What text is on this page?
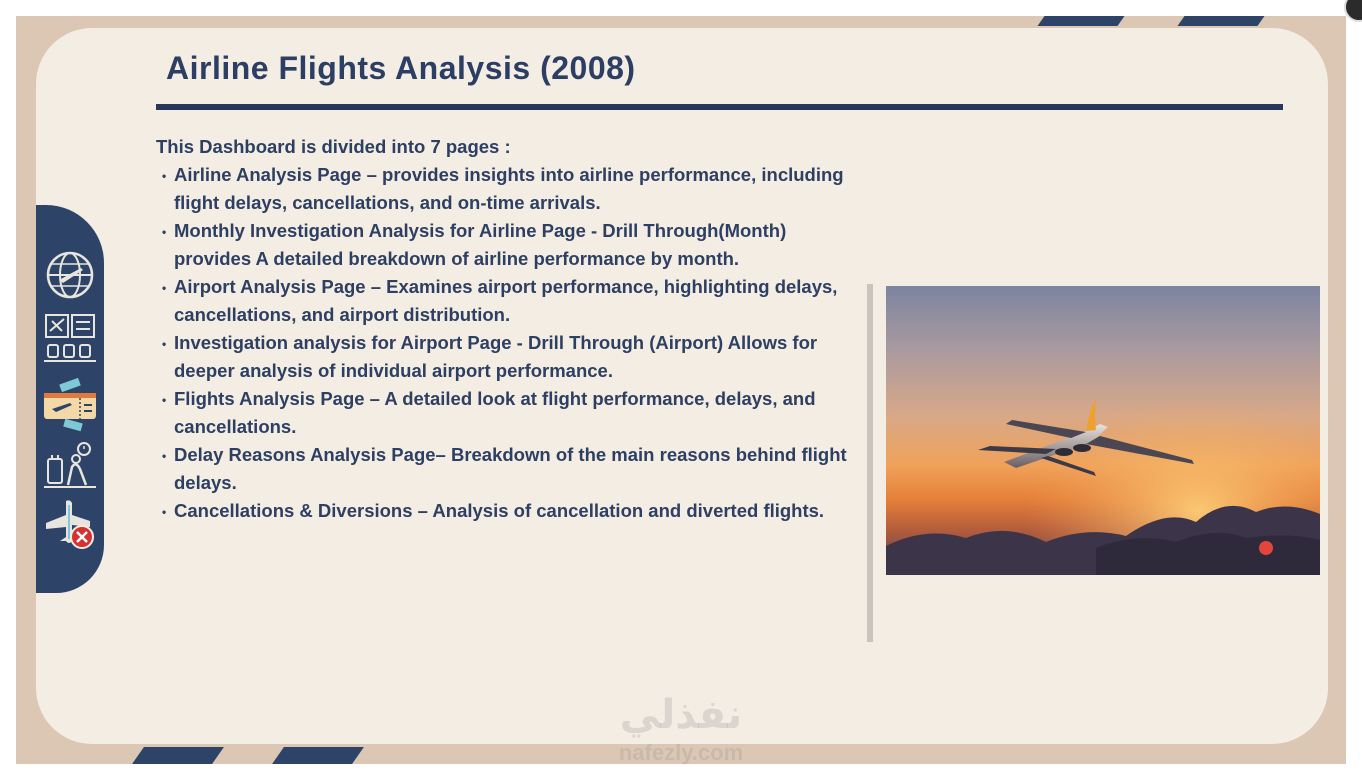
Airline Flights Analysis (2008)

This Dashboard is divided into 7 pages :

• Airline Analysis Page – provides insights into airline performance, including flight delays, cancellations, and on-time arrivals.
• Monthly Investigation Analysis for Airline Page - Drill Through(Month) provides A detailed breakdown of airline performance by month.
• Airport Analysis Page – Examines airport performance, highlighting delays, cancellations, and airport distribution.
• Investigation analysis for Airport Page - Drill Through (Airport) Allows for deeper analysis of individual airport performance.
• Flights Analysis Page – A detailed look at flight performance, delays, and cancellations.
• Delay Reasons Analysis Page– Breakdown of the main reasons behind flight delays.
• Cancellations & Diversions – Analysis of cancellation and diverted flights.
نفذلي
nafezly.com
